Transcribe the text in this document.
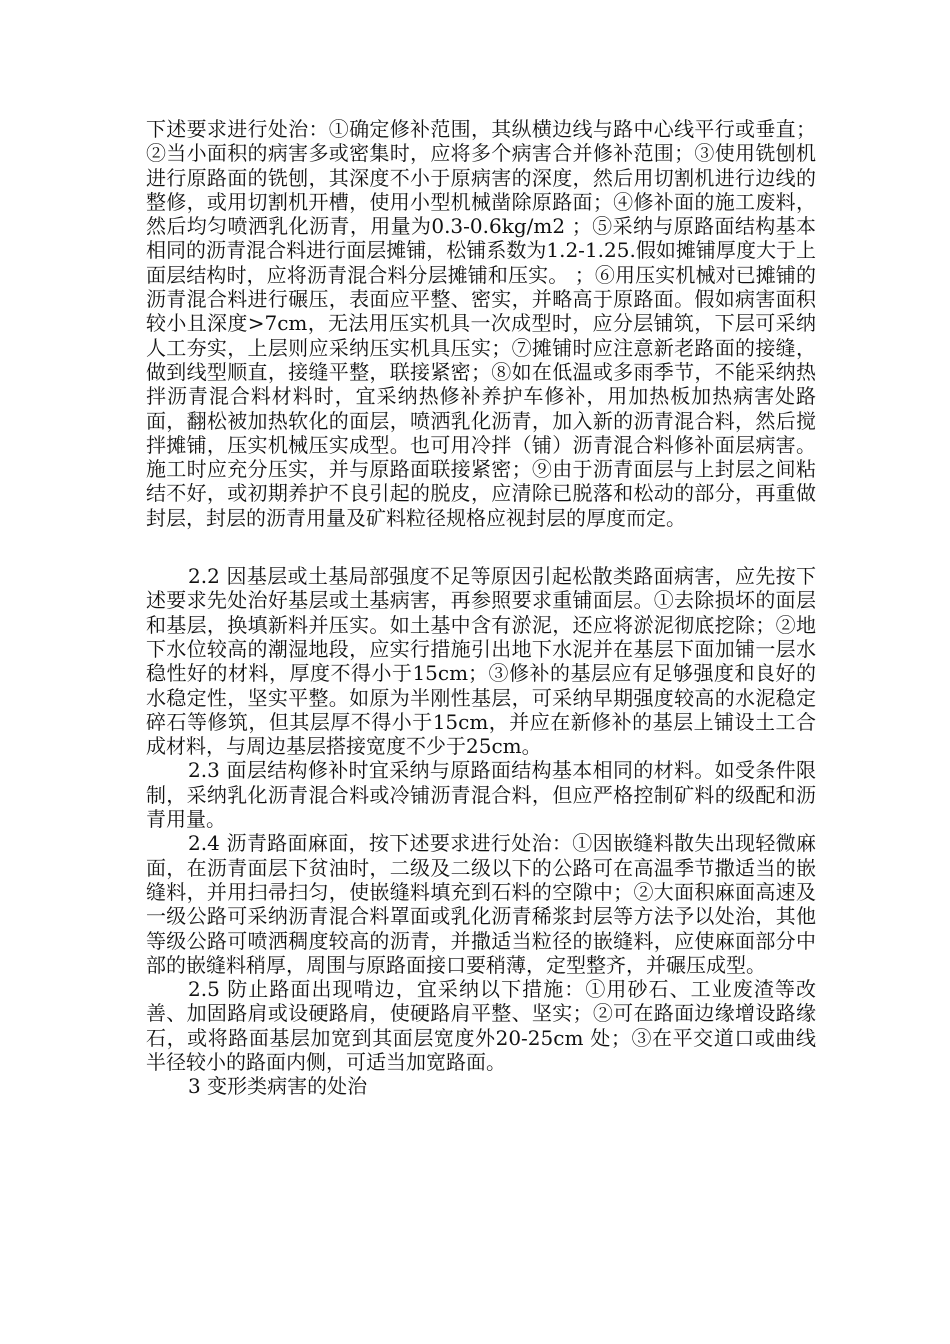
下述要求进行处治：①确定修补范围，其纵横边线与路中心线平行或垂直；②当小面积的病害多或密集时，应将多个病害合并修补范围；③使用铣刨机进行原路面的铣刨，其深度不小于原病害的深度，然后用切割机进行边线的整修，或用切割机开槽，使用小型机械凿除原路面；④修补面的施工废料，然后均匀喷洒乳化沥青，用量为0.3-0.6kg/m2 ；⑤采纳与原路面结构基本相同的沥青混合料进行面层摊铺，松铺系数为1.2-1.25.假如摊铺厚度大于上面层结构时，应将沥青混合料分层摊铺和压实。 ；⑥用压实机械对已摊铺的沥青混合料进行碾压，表面应平整、密实，并略高于原路面。假如病害面积较小且深度>7cm，无法用压实机具一次成型时，应分层铺筑，下层可采纳人工夯实，上层则应采纳压实机具压实；⑦摊铺时应注意新老路面的接缝，做到线型顺直，接缝平整，联接紧密；⑧如在低温或多雨季节，不能采纳热拌沥青混合料材料时，宜采纳热修补养护车修补，用加热板加热病害处路面，翻松被加热软化的面层，喷洒乳化沥青，加入新的沥青混合料，然后搅拌摊铺，压实机械压实成型。也可用冷拌（铺）沥青混合料修补面层病害。施工时应充分压实，并与原路面联接紧密；⑨由于沥青面层与上封层之间粘结不好，或初期养护不良引起的脱皮，应清除已脱落和松动的部分，再重做封层，封层的沥青用量及矿料粒径规格应视封层的厚度而定。

2.2 因基层或土基局部强度不足等原因引起松散类路面病害，应先按下述要求先处治好基层或土基病害，再参照要求重铺面层。①去除损坏的面层和基层，换填新料并压实。如土基中含有淤泥，还应将淤泥彻底挖除；②地下水位较高的潮湿地段，应实行措施引出地下水泥并在基层下面加铺一层水稳性好的材料，厚度不得小于15cm；③修补的基层应有足够强度和良好的水稳定性，坚实平整。如原为半刚性基层，可采纳早期强度较高的水泥稳定碎石等修筑，但其层厚不得小于15cm，并应在新修补的基层上铺设土工合成材料，与周边基层搭接宽度不少于25cm。

2.3 面层结构修补时宜采纳与原路面结构基本相同的材料。如受条件限制，采纳乳化沥青混合料或冷铺沥青混合料，但应严格控制矿料的级配和沥青用量。

2.4 沥青路面麻面，按下述要求进行处治：①因嵌缝料散失出现轻微麻面，在沥青面层下贫油时，二级及二级以下的公路可在高温季节撒适当的嵌缝料，并用扫帚扫匀，使嵌缝料填充到石料的空隙中；②大面积麻面高速及一级公路可采纳沥青混合料罩面或乳化沥青稀浆封层等方法予以处治，其他等级公路可喷洒稠度较高的沥青，并撒适当粒径的嵌缝料，应使麻面部分中部的嵌缝料稍厚，周围与原路面接口要稍薄，定型整齐，并碾压成型。

2.5 防止路面出现啃边，宜采纳以下措施：①用砂石、工业废渣等改善、加固路肩或设硬路肩，使硬路肩平整、坚实；②可在路面边缘增设路缘石，或将路面基层加宽到其面层宽度外20-25cm 处；③在平交道口或曲线半径较小的路面内侧，可适当加宽路面。

3 变形类病害的处治
